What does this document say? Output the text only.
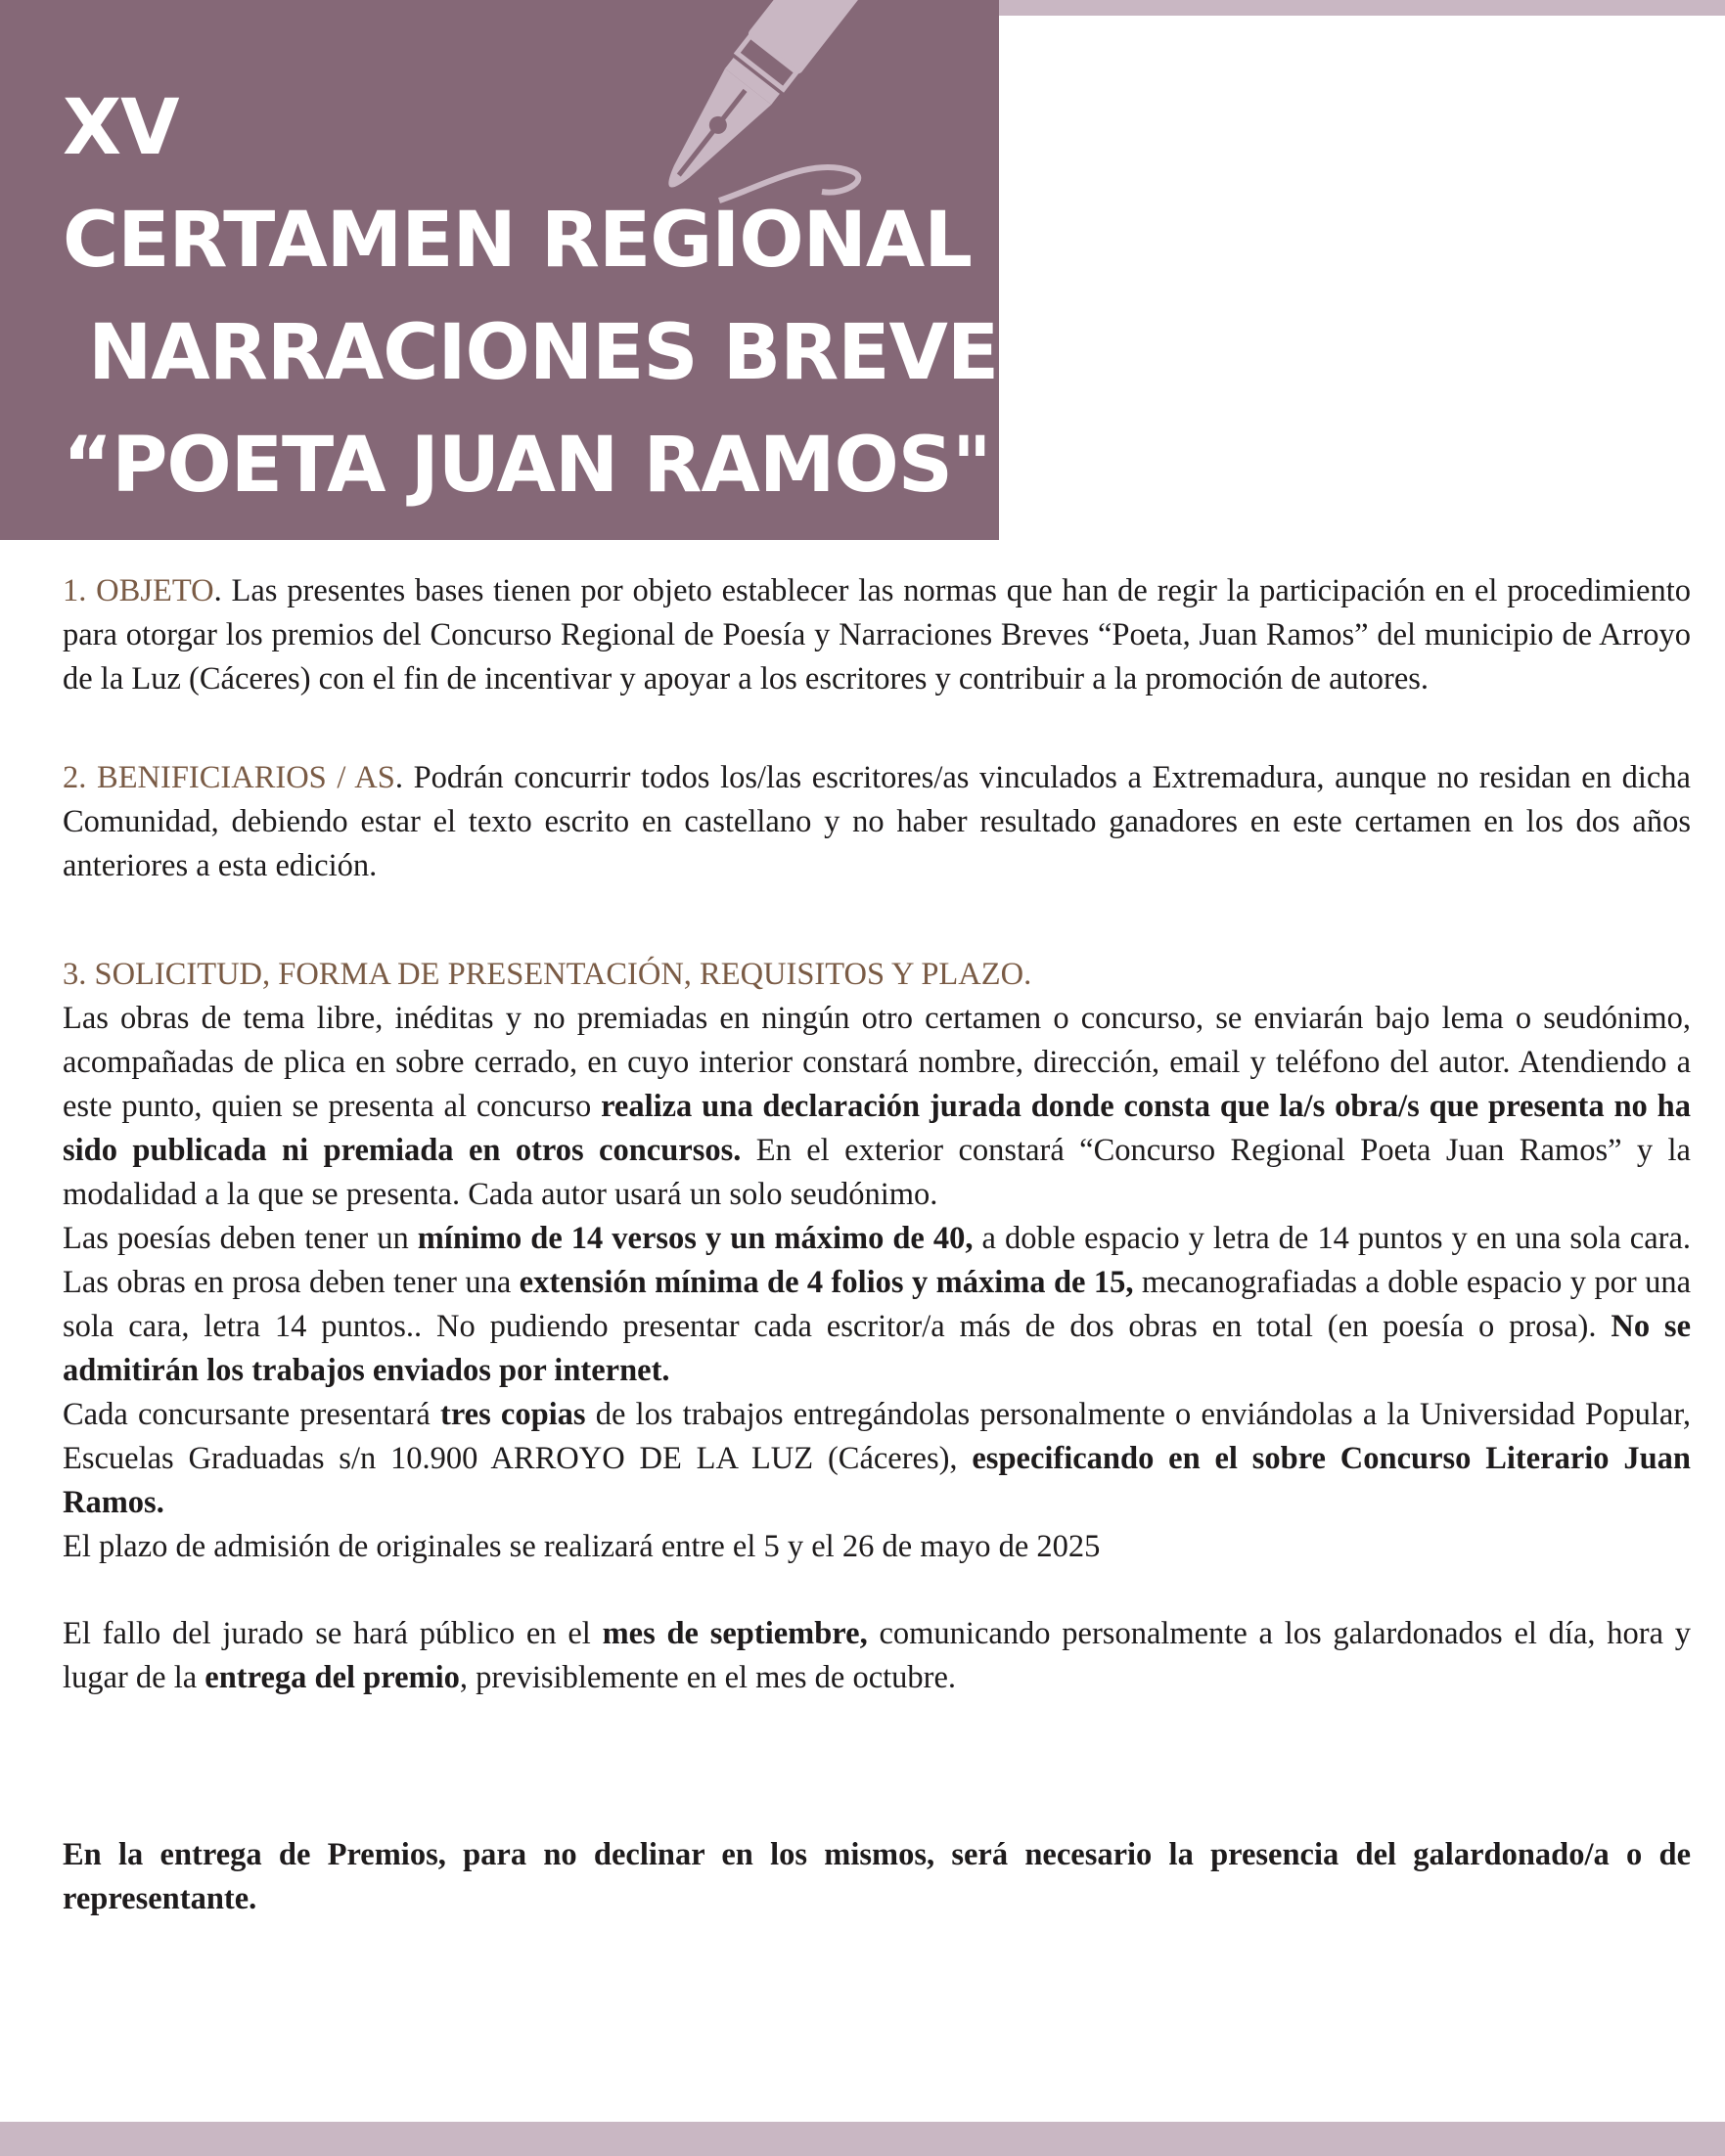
XV
CERTAMEN REGIONAL DE
NARRACIONES BREVES
“POETA JUAN RAMOS"

1. OBJETO. Las presentes bases tienen por objeto establecer las normas que han de regir la participación en el procedimiento para otorgar los premios del Concurso Regional de Poesía y Narraciones Breves “Poeta, Juan Ramos” del municipio de Arroyo de la Luz (Cáceres) con el fin de incentivar y apoyar a los escritores y contribuir a la promoción de autores.

2. BENIFICIARIOS / AS. Podrán concurrir todos los/las escritores/as vinculados a Extremadura, aunque no residan en dicha Comunidad, debiendo estar el texto escrito en castellano y no haber resultado ganadores en este certamen en los dos años anteriores a esta edición.

3. SOLICITUD, FORMA DE PRESENTACIÓN, REQUISITOS Y PLAZO.

Las obras de tema libre, inéditas y no premiadas en ningún otro certamen o concurso, se enviarán bajo lema o seudónimo, acompañadas de plica en sobre cerrado, en cuyo interior constará nombre, dirección, email y teléfono del autor. Atendiendo a este punto, quien se presenta al concurso realiza una declaración jurada donde consta que la/s obra/s que presenta no ha sido publicada ni premiada en otros concursos. En el exterior constará “Concurso Regional Poeta Juan Ramos” y la modalidad a la que se presenta. Cada autor usará un solo seudónimo.

Las poesías deben tener un mínimo de 14 versos y un máximo de 40, a doble espacio y letra de 14 puntos y en una sola cara. Las obras en prosa deben tener una extensión mínima de 4 folios y máxima de 15, mecanografiadas a doble espacio y por una sola cara, letra 14 puntos.. No pudiendo presentar cada escritor/a más de dos obras en total (en poesía o prosa). No se admitirán los trabajos enviados por internet.

Cada concursante presentará tres copias de los trabajos entregándolas personalmente o enviándolas a la Universidad Popular, Escuelas Graduadas s/n 10.900 ARROYO DE LA LUZ (Cáceres), especificando en el sobre Concurso Literario Juan Ramos.

El plazo de admisión de originales se realizará entre el 5 y el 26 de mayo de 2025

El fallo del jurado se hará público en el mes de septiembre, comunicando personalmente a los galardonados el día, hora y lugar de la entrega del premio, previsiblemente en el mes de octubre.

En la entrega de Premios, para no declinar en los mismos, será necesario la presencia del galardonado/a o de representante.
